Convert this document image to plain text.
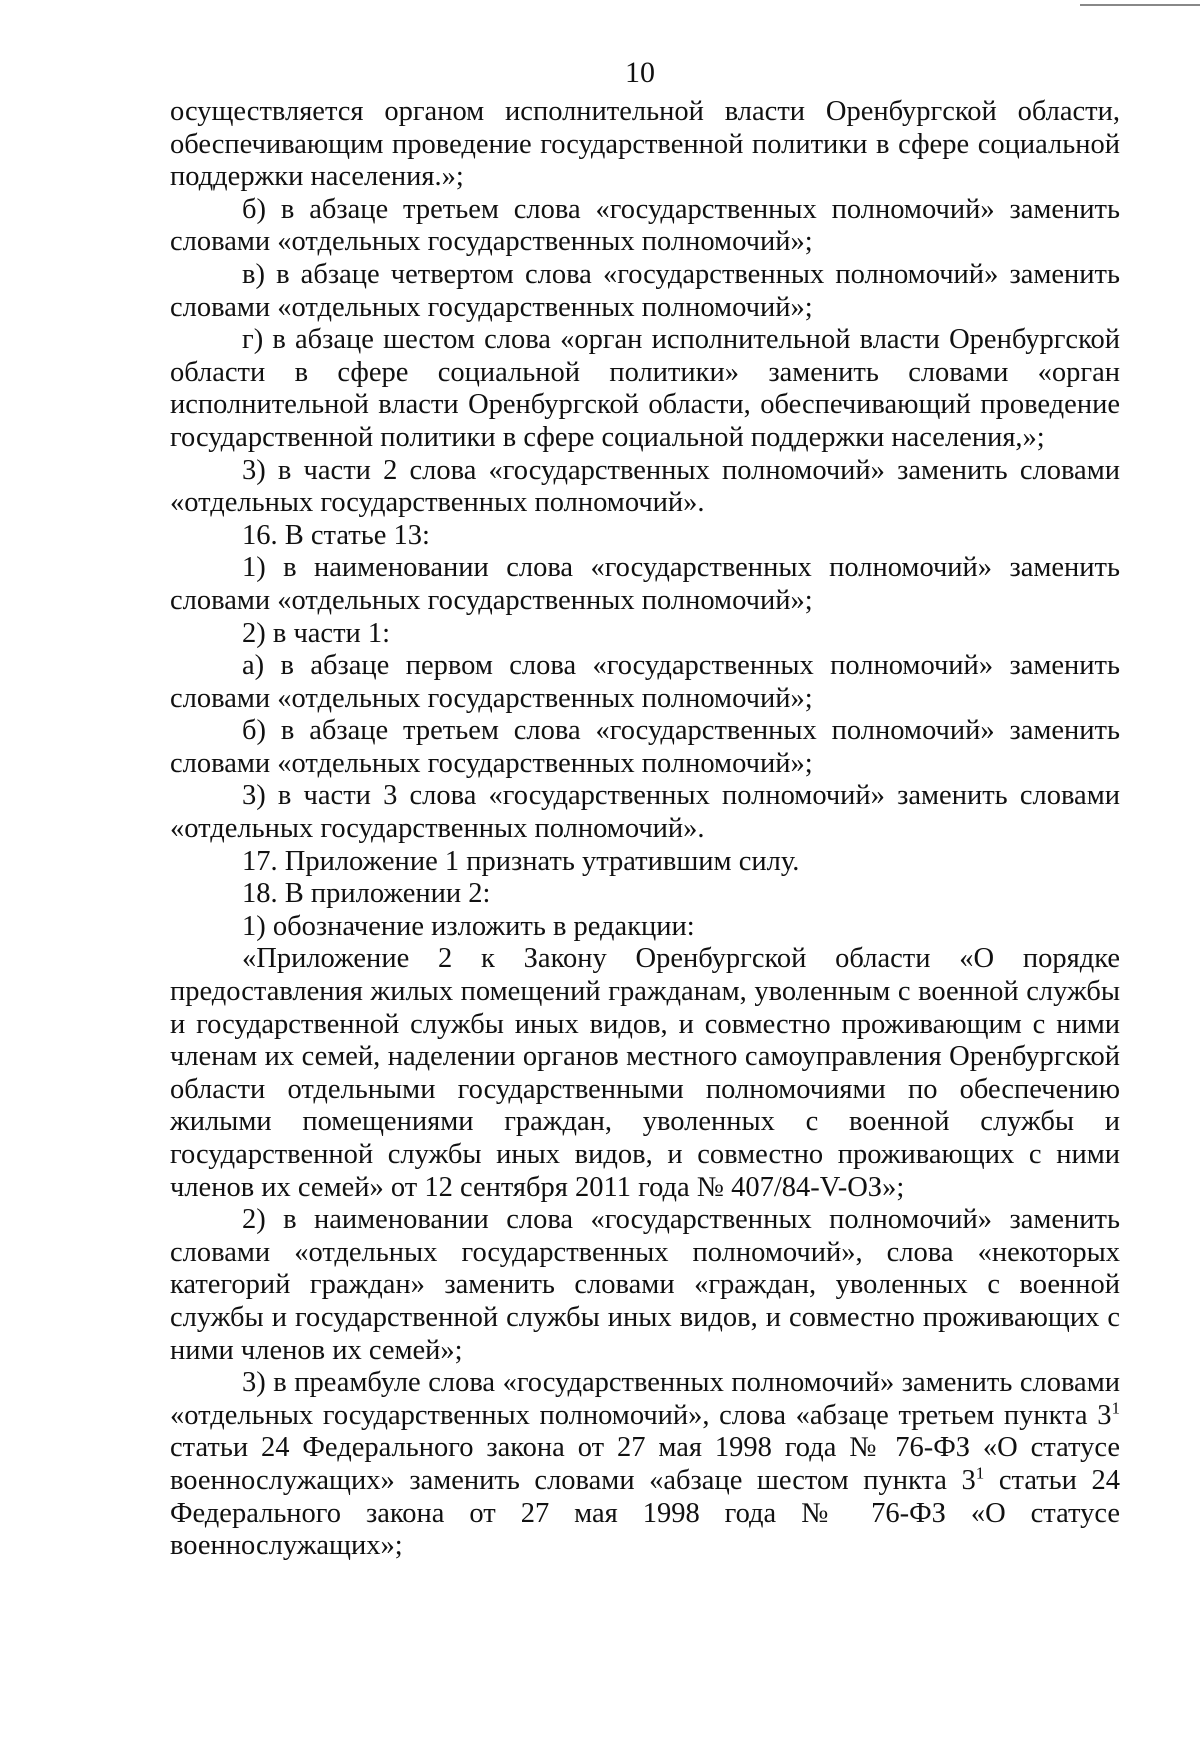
10
осуществляется органом исполнительной власти Оренбургской области,
обеспечивающим проведение государственной политики в сфере социальной
поддержки населения.»;
б) в абзаце третьем слова «государственных полномочий» заменить
словами «отдельных государственных полномочий»;
в) в абзаце четвертом слова «государственных полномочий» заменить
словами «отдельных государственных полномочий»;
г) в абзаце шестом слова «орган исполнительной власти Оренбургской
области в сфере социальной политики» заменить словами «орган
исполнительной власти Оренбургской области, обеспечивающий проведение
государственной политики в сфере социальной поддержки населения,»;
3) в части 2 слова «государственных полномочий» заменить словами
«отдельных государственных полномочий».
16. В статье 13:
1) в наименовании слова «государственных полномочий» заменить
словами «отдельных государственных полномочий»;
2) в части 1:
а) в абзаце первом слова «государственных полномочий» заменить
словами «отдельных государственных полномочий»;
б) в абзаце третьем слова «государственных полномочий» заменить
словами «отдельных государственных полномочий»;
3) в части 3 слова «государственных полномочий» заменить словами
«отдельных государственных полномочий».
17. Приложение 1 признать утратившим силу.
18. В приложении 2:
1) обозначение изложить в редакции:
«Приложение 2 к Закону Оренбургской области «О порядке
предоставления жилых помещений гражданам, уволенным с военной службы
и государственной службы иных видов, и совместно проживающим с ними
членам их семей, наделении органов местного самоуправления Оренбургской
области отдельными государственными полномочиями по обеспечению
жилыми помещениями граждан, уволенных с военной службы и
государственной службы иных видов, и совместно проживающих с ними
членов их семей» от 12 сентября 2011 года № 407/84-V-ОЗ»;
2) в наименовании слова «государственных полномочий» заменить
словами «отдельных государственных полномочий», слова «некоторых
категорий граждан» заменить словами «граждан, уволенных с военной
службы и государственной службы иных видов, и совместно проживающих с
ними членов их семей»;
3) в преамбуле слова «государственных полномочий» заменить словами
«отдельных государственных полномочий», слова «абзаце третьем пункта $3^1$
статьи 24 Федерального закона от 27 мая 1998 года № 76-ФЗ «О статусе
военнослужащих» заменить словами «абзаце шестом пункта $3^1$ статьи 24
Федерального закона от 27 мая 1998 года № 76-ФЗ «О статусе
военнослужащих»;
